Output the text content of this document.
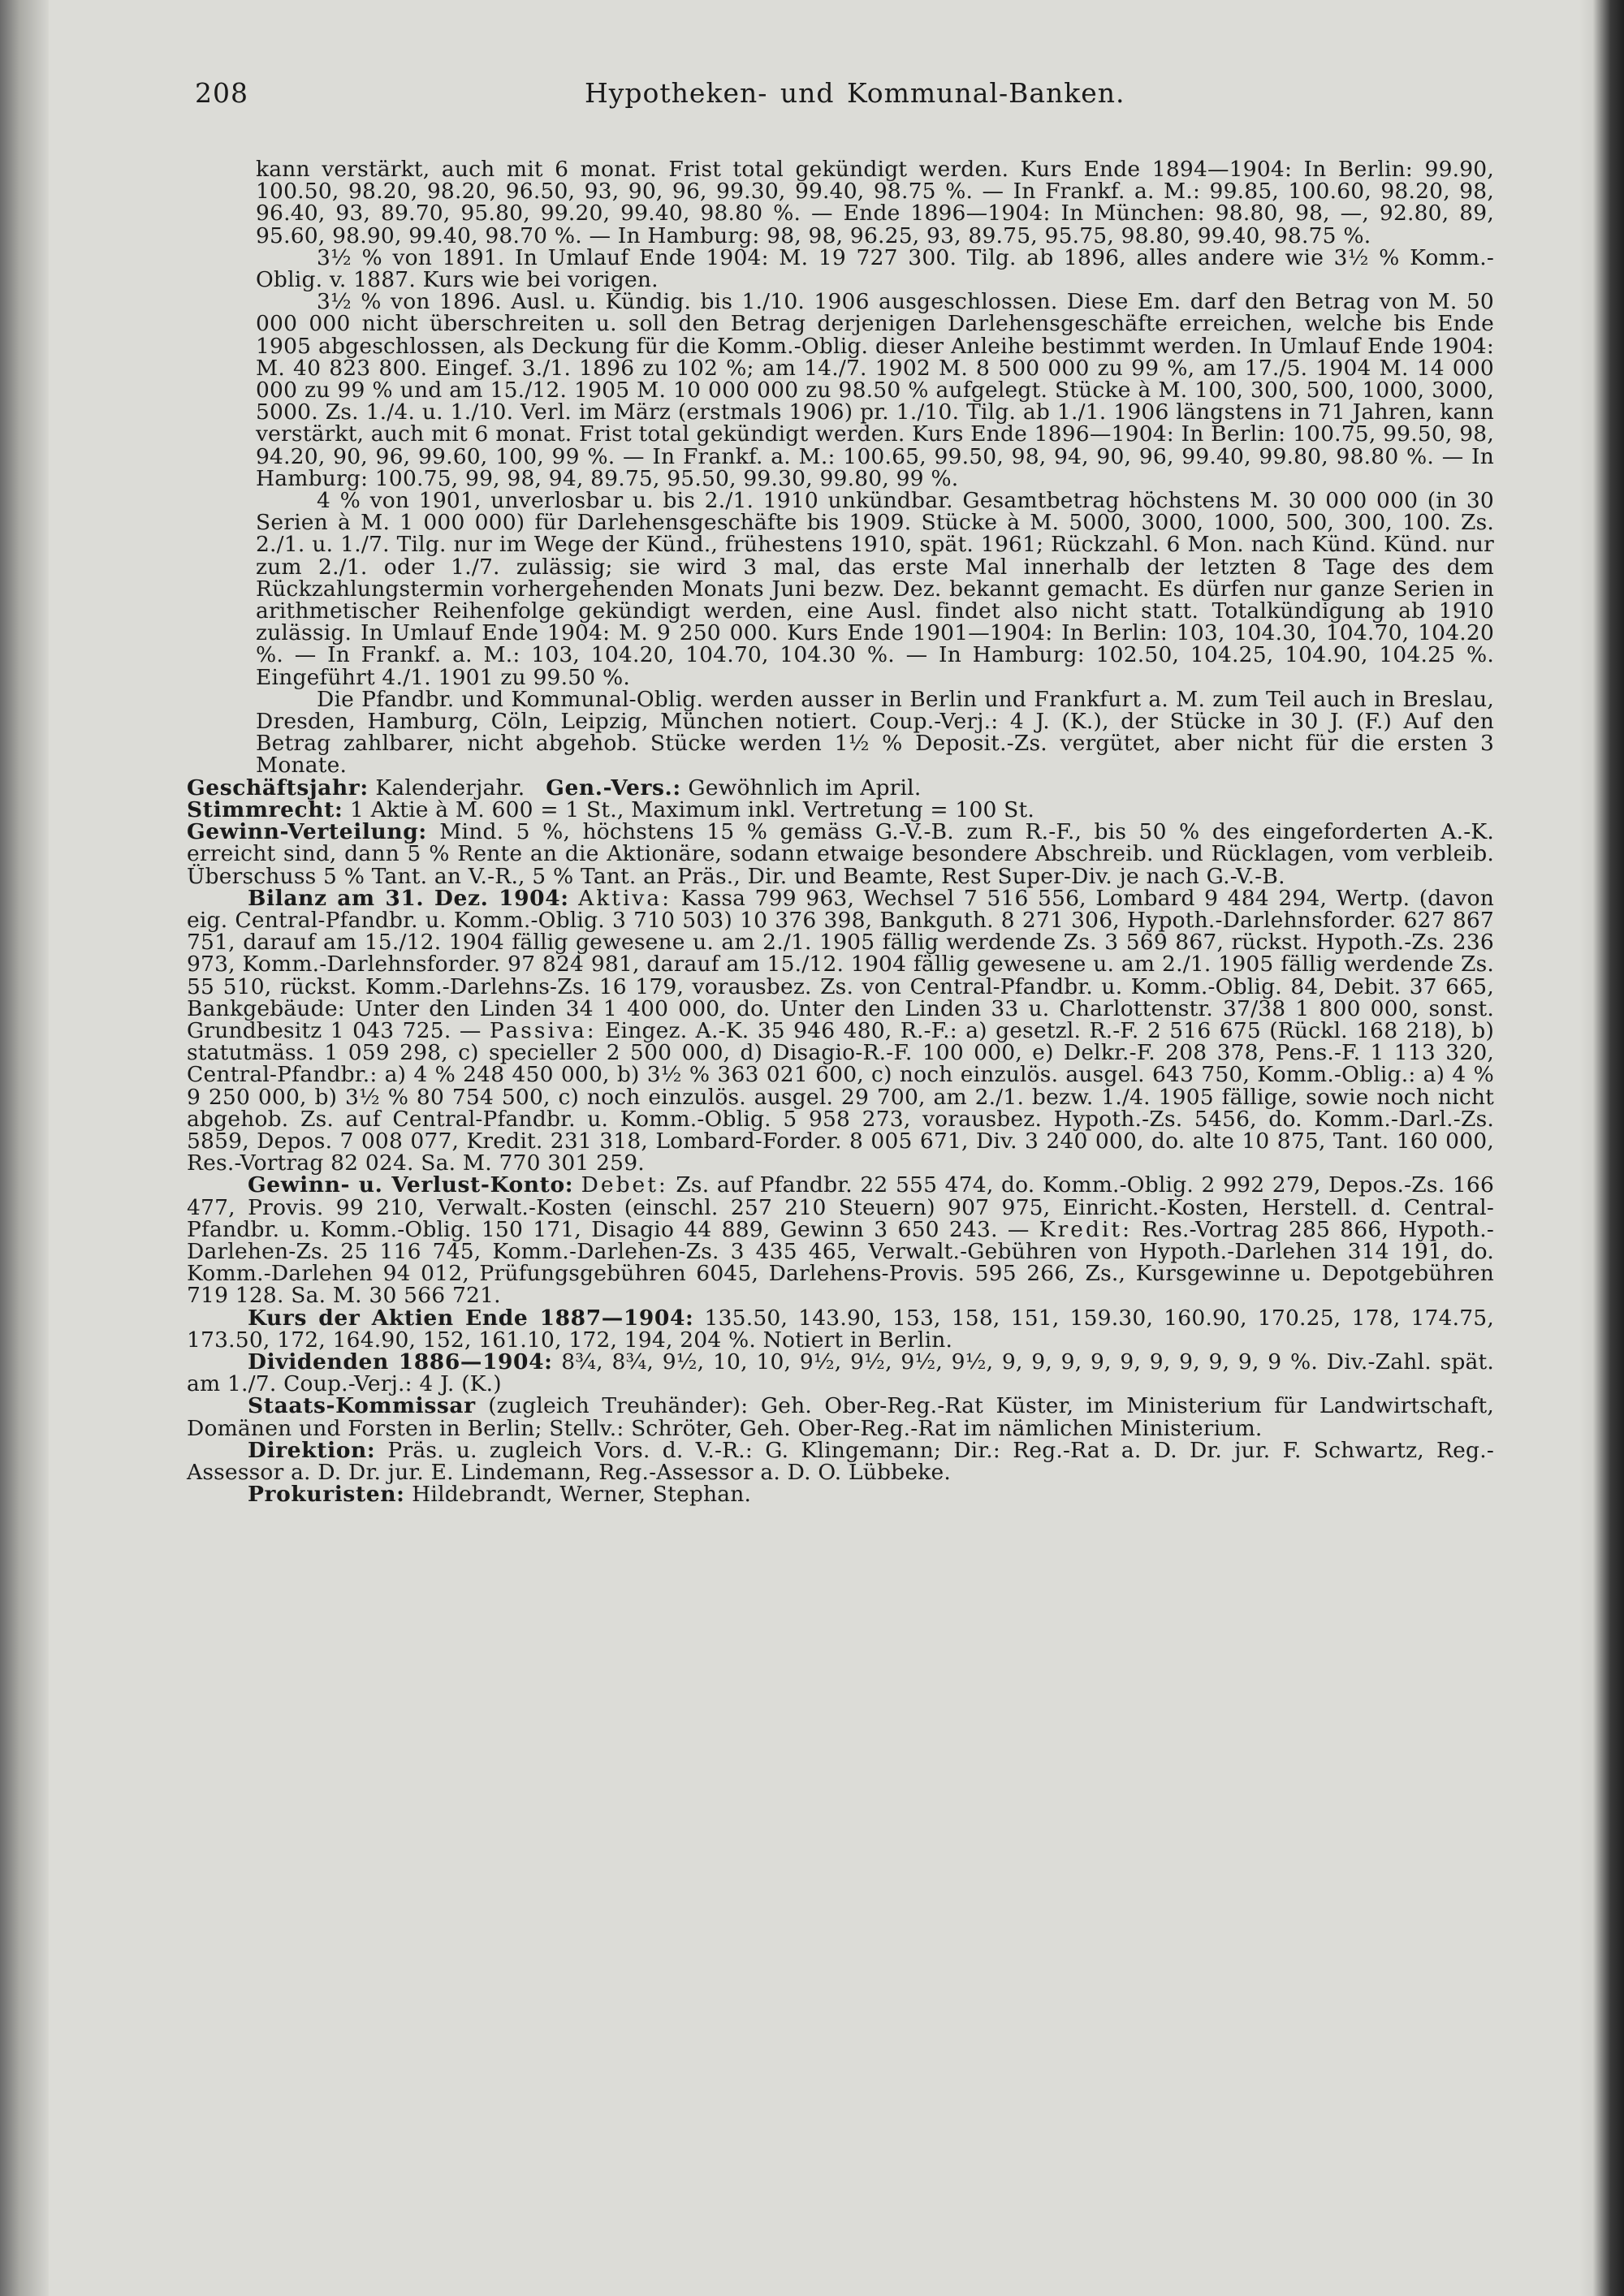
208	Hypotheken- und Kommunal-Banken.

kann verstärkt, auch mit 6 monat. Frist total gekündigt werden. Kurs Ende 1894—1904: In Berlin: 99.90, 100.50, 98.20, 98.20, 96.50, 93, 90, 96, 99.30, 99.40, 98.75 %. — In Frankf. a. M.: 99.85, 100.60, 98.20, 98, 96.40, 93, 89.70, 95.80, 99.20, 99.40, 98.80 %. — Ende 1896—1904: In München: 98.80, 98, —, 92.80, 89, 95.60, 98.90, 99.40, 98.70 %. — In Hamburg: 98, 98, 96.25, 93, 89.75, 95.75, 98.80, 99.40, 98.75 %.

3½ % von 1891. In Umlauf Ende 1904: M. 19 727 300. Tilg. ab 1896, alles andere wie 3½ % Komm.-Oblig. v. 1887. Kurs wie bei vorigen.

3½ % von 1896. Ausl. u. Kündig. bis 1./10. 1906 ausgeschlossen. Diese Em. darf den Betrag von M. 50 000 000 nicht überschreiten u. soll den Betrag derjenigen Darlehensgeschäfte erreichen, welche bis Ende 1905 abgeschlossen, als Deckung für die Komm.-Oblig. dieser Anleihe bestimmt werden. In Umlauf Ende 1904: M. 40 823 800. Eingef. 3./1. 1896 zu 102 %; am 14./7. 1902 M. 8 500 000 zu 99 %, am 17./5. 1904 M. 14 000 000 zu 99 % und am 15./12. 1905 M. 10 000 000 zu 98.50 % aufgelegt. Stücke à M. 100, 300, 500, 1000, 3000, 5000. Zs. 1./4. u. 1./10. Verl. im März (erstmals 1906) pr. 1./10. Tilg. ab 1./1. 1906 längstens in 71 Jahren, kann verstärkt, auch mit 6 monat. Frist total gekündigt werden. Kurs Ende 1896—1904: In Berlin: 100.75, 99.50, 98, 94.20, 90, 96, 99.60, 100, 99 %. — In Frankf. a. M.: 100.65, 99.50, 98, 94, 90, 96, 99.40, 99.80, 98.80 %. — In Hamburg: 100.75, 99, 98, 94, 89.75, 95.50, 99.30, 99.80, 99 %.

4 % von 1901, unverlosbar u. bis 2./1. 1910 unkündbar. Gesamtbetrag höchstens M. 30 000 000 (in 30 Serien à M. 1 000 000) für Darlehensgeschäfte bis 1909. Stücke à M. 5000, 3000, 1000, 500, 300, 100. Zs. 2./1. u. 1./7. Tilg. nur im Wege der Künd., frühestens 1910, spät. 1961; Rückzahl. 6 Mon. nach Künd. Künd. nur zum 2./1. oder 1./7. zulässig; sie wird 3 mal, das erste Mal innerhalb der letzten 8 Tage des dem Rückzahlungstermin vorhergehenden Monats Juni bezw. Dez. bekannt gemacht. Es dürfen nur ganze Serien in arithmetischer Reihenfolge gekündigt werden, eine Ausl. findet also nicht statt. Totalkündigung ab 1910 zulässig. In Umlauf Ende 1904: M. 9 250 000. Kurs Ende 1901—1904: In Berlin: 103, 104.30, 104.70, 104.20 %. — In Frankf. a. M.: 103, 104.20, 104.70, 104.30 %. — In Hamburg: 102.50, 104.25, 104.90, 104.25 %. Eingeführt 4./1. 1901 zu 99.50 %.

Die Pfandbr. und Kommunal-Oblig. werden ausser in Berlin und Frankfurt a. M. zum Teil auch in Breslau, Dresden, Hamburg, Cöln, Leipzig, München notiert. Coup.-Verj.: 4 J. (K.), der Stücke in 30 J. (F.) Auf den Betrag zahlbarer, nicht abgehob. Stücke werden 1½ % Deposit.-Zs. vergütet, aber nicht für die ersten 3 Monate.

Geschäftsjahr: Kalenderjahr. Gen.-Vers.: Gewöhnlich im April.

Stimmrecht: 1 Aktie à M. 600 = 1 St., Maximum inkl. Vertretung = 100 St.

Gewinn-Verteilung: Mind. 5 %, höchstens 15 % gemäss G.-V.-B. zum R.-F., bis 50 % des eingeforderten A.-K. erreicht sind, dann 5 % Rente an die Aktionäre, sodann etwaige besondere Abschreib. und Rücklagen, vom verbleib. Überschuss 5 % Tant. an V.-R., 5 % Tant. an Präs., Dir. und Beamte, Rest Super-Div. je nach G.-V.-B.

Bilanz am 31. Dez. 1904: Aktiva: Kassa 799 963, Wechsel 7 516 556, Lombard 9 484 294, Wertp. (davon eig. Central-Pfandbr. u. Komm.-Oblig. 3 710 503) 10 376 398, Bankguth. 8 271 306, Hypoth.-Darlehnsforder. 627 867 751, darauf am 15./12. 1904 fällig gewesene u. am 2./1. 1905 fällig werdende Zs. 3 569 867, rückst. Hypoth.-Zs. 236 973, Komm.-Darlehnsforder. 97 824 981, darauf am 15./12. 1904 fällig gewesene u. am 2./1. 1905 fällig werdende Zs. 55 510, rückst. Komm.-Darlehns-Zs. 16 179, vorausbez. Zs. von Central-Pfandbr. u. Komm.-Oblig. 84, Debit. 37 665, Bankgebäude: Unter den Linden 34 1 400 000, do. Unter den Linden 33 u. Charlottenstr. 37/38 1 800 000, sonst. Grundbesitz 1 043 725. — Passiva: Eingez. A.-K. 35 946 480, R.-F.: a) gesetzl. R.-F. 2 516 675 (Rückl. 168 218), b) statutmäss. 1 059 298, c) specieller 2 500 000, d) Disagio-R.-F. 100 000, e) Delkr.-F. 208 378, Pens.-F. 1 113 320, Central-Pfandbr.: a) 4 % 248 450 000, b) 3½ % 363 021 600, c) noch einzulös. ausgel. 643 750, Komm.-Oblig.: a) 4 % 9 250 000, b) 3½ % 80 754 500, c) noch einzulös. ausgel. 29 700, am 2./1. bezw. 1./4. 1905 fällige, sowie noch nicht abgehob. Zs. auf Central-Pfandbr. u. Komm.-Oblig. 5 958 273, vorausbez. Hypoth.-Zs. 5456, do. Komm.-Darl.-Zs. 5859, Depos. 7 008 077, Kredit. 231 318, Lombard-Forder. 8 005 671, Div. 3 240 000, do. alte 10 875, Tant. 160 000, Res.-Vortrag 82 024. Sa. M. 770 301 259.

Gewinn- u. Verlust-Konto: Debet: Zs. auf Pfandbr. 22 555 474, do. Komm.-Oblig. 2 992 279, Depos.-Zs. 166 477, Provis. 99 210, Verwalt.-Kosten (einschl. 257 210 Steuern) 907 975, Einricht.-Kosten, Herstell. d. Central-Pfandbr. u. Komm.-Oblig. 150 171, Disagio 44 889, Gewinn 3 650 243. — Kredit: Res.-Vortrag 285 866, Hypoth.-Darlehen-Zs. 25 116 745, Komm.-Darlehen-Zs. 3 435 465, Verwalt.-Gebühren von Hypoth.-Darlehen 314 191, do. Komm.-Darlehen 94 012, Prüfungsgebühren 6045, Darlehens-Provis. 595 266, Zs., Kursgewinne u. Depotgebühren 719 128. Sa. M. 30 566 721.

Kurs der Aktien Ende 1887—1904: 135.50, 143.90, 153, 158, 151, 159.30, 160.90, 170.25, 178, 174.75, 173.50, 172, 164.90, 152, 161.10, 172, 194, 204 %. Notiert in Berlin.

Dividenden 1886—1904: 8¾, 8¾, 9½, 10, 10, 9½, 9½, 9½, 9½, 9, 9, 9, 9, 9, 9, 9, 9, 9, 9 %. Div.-Zahl. spät. am 1./7. Coup.-Verj.: 4 J. (K.)

Staats-Kommissar (zugleich Treuhänder): Geh. Ober-Reg.-Rat Küster, im Ministerium für Landwirtschaft, Domänen und Forsten in Berlin; Stellv.: Schröter, Geh. Ober-Reg.-Rat im nämlichen Ministerium.

Direktion: Präs. u. zugleich Vors. d. V.-R.: G. Klingemann; Dir.: Reg.-Rat a. D. Dr. jur. F. Schwartz, Reg.-Assessor a. D. Dr. jur. E. Lindemann, Reg.-Assessor a. D. O. Lübbeke.

Prokuristen: Hildebrandt, Werner, Stephan.
